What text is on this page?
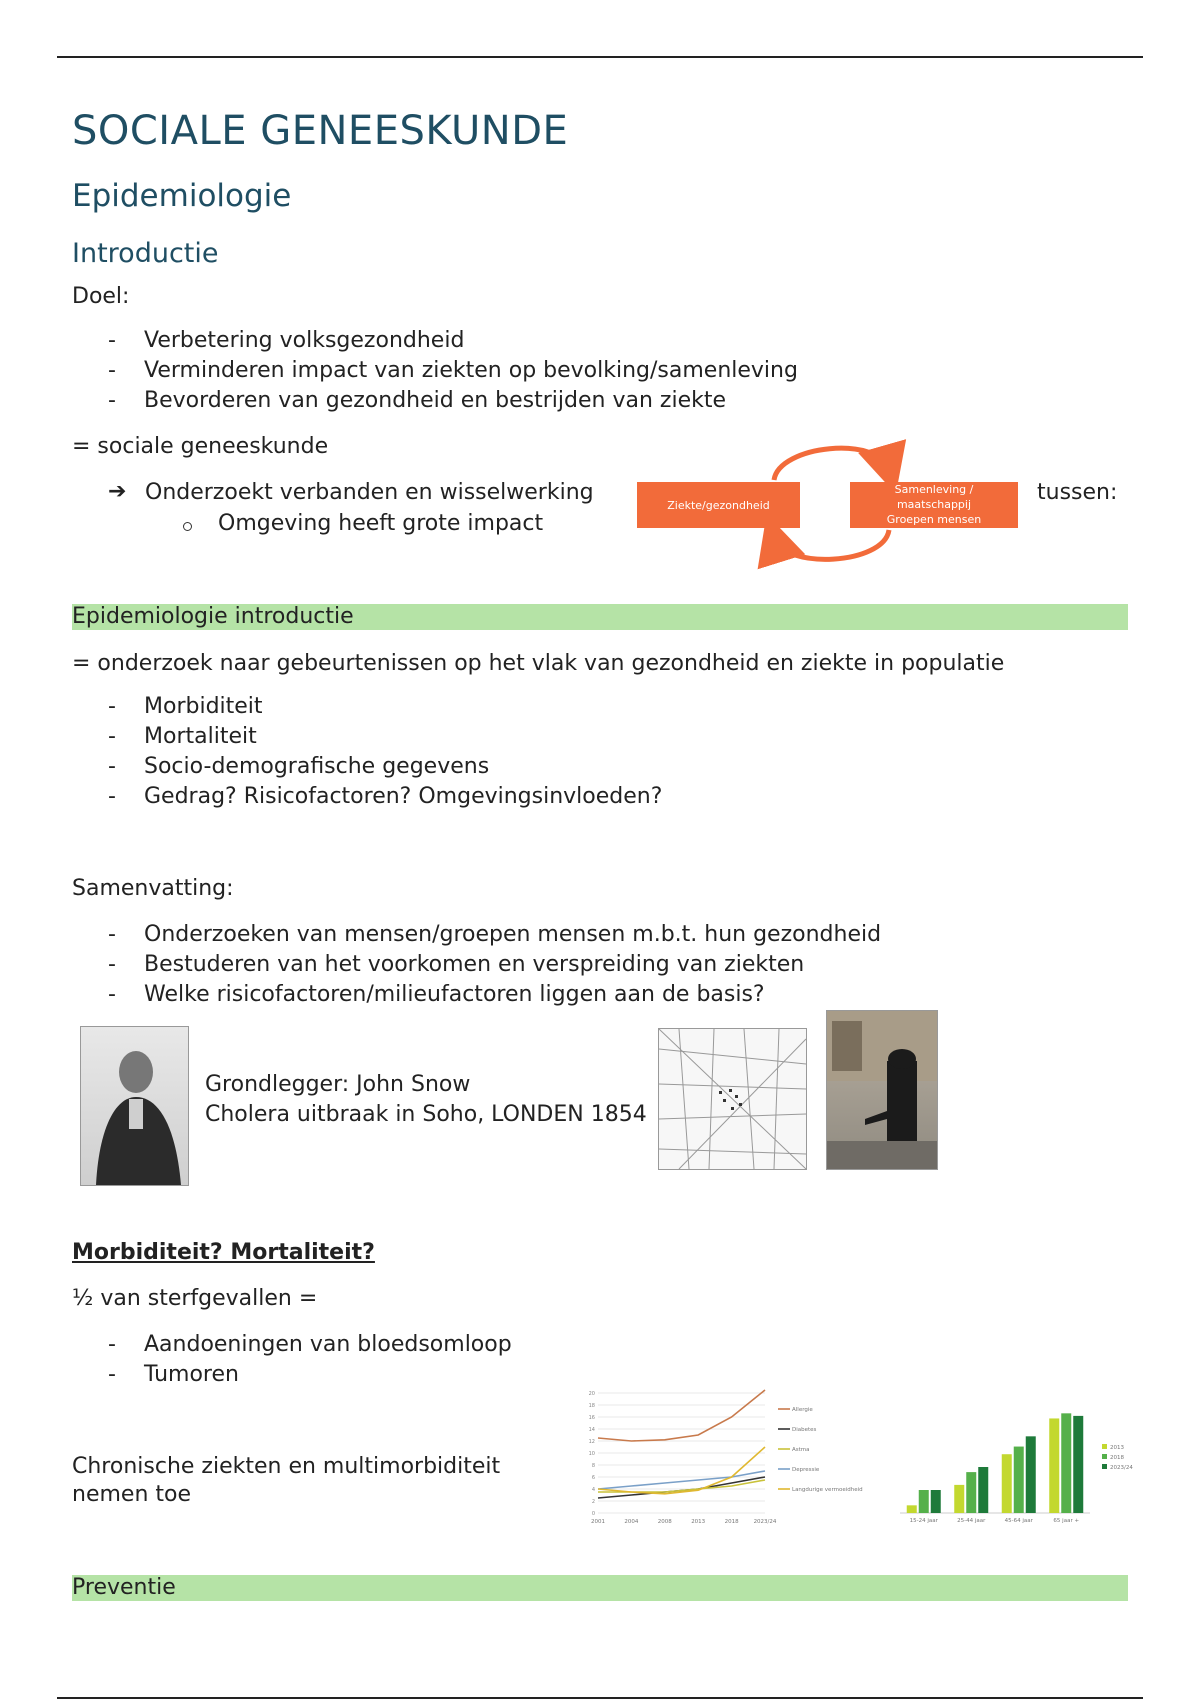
SOCIALE GENEESKUNDE
Epidemiologie
Introductie
Doel:
- Verbetering volksgezondheid
- Verminderen impact van ziekten op bevolking/samenleving
- Bevorderen van gezondheid en bestrijden van ziekte
= sociale geneeskunde
➔ Onderzoekt verbanden en wisselwerking
Omgeving heeft grote impact
Ziekte/gezondheid
Samenleving /
maatschappij
Groepen mensen
tussen:
Epidemiologie introductie
= onderzoek naar gebeurtenissen op het vlak van gezondheid en ziekte in populatie
- Morbiditeit
- Mortaliteit
- Socio-demografische gegevens
- Gedrag? Risicofactoren? Omgevingsinvloeden?
Samenvatting:
- Onderzoeken van mensen/groepen mensen m.b.t. hun gezondheid
- Bestuderen van het voorkomen en verspreiding van ziekten
- Welke risicofactoren/milieufactoren liggen aan de basis?
Grondlegger: John Snow
Cholera uitbraak in Soho, LONDEN 1854
Morbiditeit? Mortaliteit?
½ van sterfgevallen =
- Aandoeningen van bloedsomloop
- Tumoren
Chronische ziekten en multimorbiditeit
nemen toe
0
2
4
6
8
10
12
14
16
18
20
2001	2004	2008	2013	2018	2023/24
Allergie
Diabetes
Astma
Depressie
Langdurige vermoeidheid
15-24 jaar	25-44 jaar	45-64 jaar	65 jaar +
2013
2018
2023/24
Preventie
